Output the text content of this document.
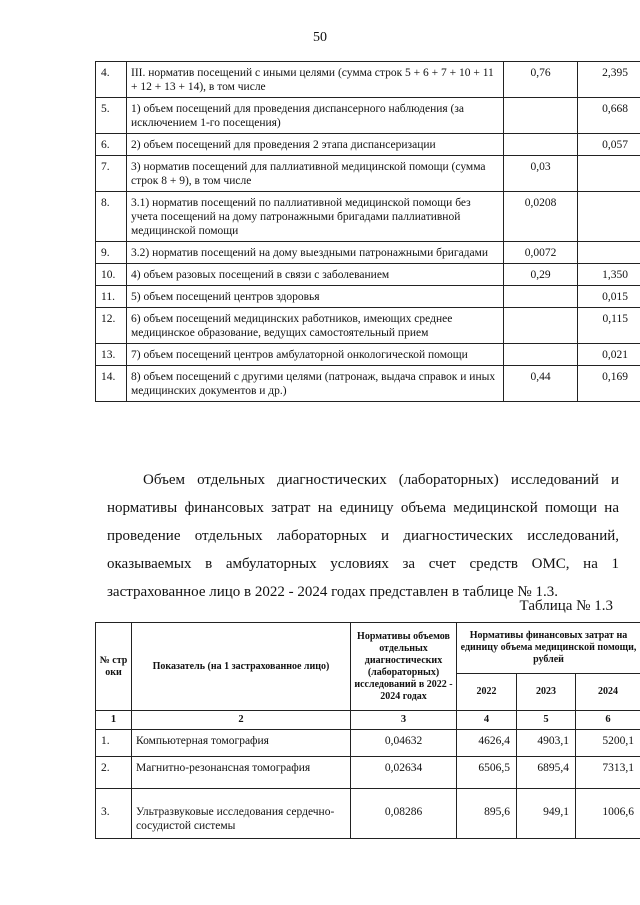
50
4.	III. норматив посещений с иными целями (сумма строк 5 + 6 + 7 + 10 + 11 + 12 + 13 + 14), в том числе	0,76	2,395
5.	1) объем посещений для проведения диспансерного наблюдения (за исключением 1-го посещения)		0,668
6.	2) объем посещений для проведения 2 этапа диспансеризации		0,057
7.	3) норматив посещений для паллиативной медицинской помощи (сумма строк 8 + 9), в том числе	0,03	
8.	3.1) норматив посещений по паллиативной медицинской помощи без учета посещений на дому патронажными бригадами паллиативной медицинской помощи	0,0208	
9.	3.2) норматив посещений на дому выездными патронажными бригадами	0,0072	
10.	4) объем разовых посещений в связи с заболеванием	0,29	1,350
11.	5) объем посещений центров здоровья		0,015
12.	6) объем посещений медицинских работников, имеющих среднее медицинское образование, ведущих самостоятельный прием		0,115
13.	7) объем посещений центров амбулаторной онкологической помощи		0,021
14.	8) объем посещений с другими целями (патронаж, выдача справок и иных медицинских документов и др.)	0,44	0,169
Объем отдельных диагностических (лабораторных) исследований и нормативы финансовых затрат на единицу объема медицинской помощи на проведение отдельных лабораторных и диагностических исследований, оказываемых в амбулаторных условиях за счет средств ОМС, на 1 застрахованное лицо в 2022 - 2024 годах представлен в таблице № 1.3.
Таблица № 1.3
№ стр оки	Показатель (на 1 застрахованное лицо)	Нормативы объемов отдельных диагностических (лабораторных) исследований в 2022 - 2024 годах	Нормативы финансовых затрат на единицу объема медицинской помощи, рублей		
			2022	2023	2024
1	2	3	4	5	6
1.	Компьютерная томография	0,04632	4626,4	4903,1	5200,1
2.	Магнитно-резонансная томография	0,02634	6506,5	6895,4	7313,1
3.	Ультразвуковые исследования сердечно-сосудистой системы	0,08286	895,6	949,1	1006,6
